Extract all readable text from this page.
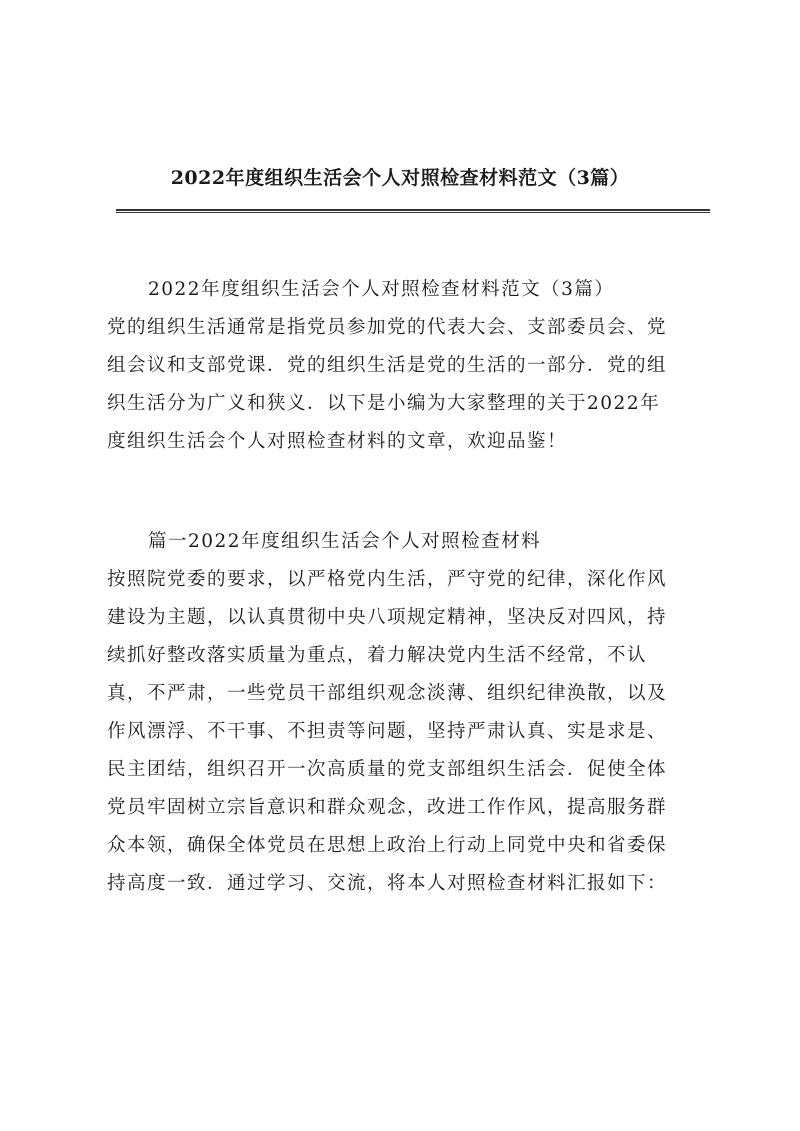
2022年度组织生活会个人对照检查材料范文（3篇）
2022年度组织生活会个人对照检查材料范文（3篇）
党的组织生活通常是指党员参加党的代表大会、支部委员会、党
组会议和支部党课．党的组织生活是党的生活的一部分．党的组
织生活分为广义和狭义．以下是小编为大家整理的关于2022年
度组织生活会个人对照检查材料的文章，欢迎品鉴！
篇一2022年度组织生活会个人对照检查材料
按照院党委的要求，以严格党内生活，严守党的纪律，深化作风
建设为主题，以认真贯彻中央八项规定精神，坚决反对四风，持
续抓好整改落实质量为重点，着力解决党内生活不经常，不认
真，不严肃，一些党员干部组织观念淡薄、组织纪律涣散，以及
作风漂浮、不干事、不担责等问题，坚持严肃认真、实是求是、
民主团结，组织召开一次高质量的党支部组织生活会．促使全体
党员牢固树立宗旨意识和群众观念，改进工作作风，提高服务群
众本领，确保全体党员在思想上政治上行动上同党中央和省委保
持高度一致．通过学习、交流，将本人对照检查材料汇报如下：
